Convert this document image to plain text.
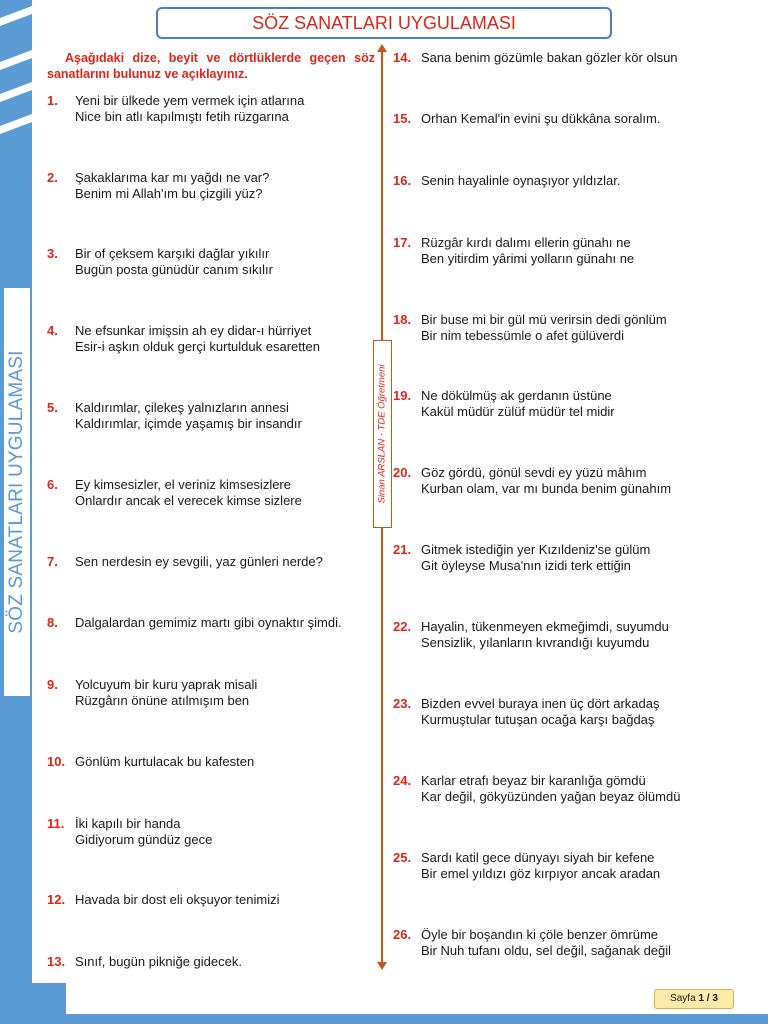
SÖZ SANATLARI UYGULAMASI
SÖZ SANATLARI UYGULAMASI
Aşağıdaki dize, beyit ve dörtlüklerde geçen söz sanatlarını bulunuz ve açıklayınız.
Sinan ARSLAN - TDE Öğretmeni
1. Yeni bir ülkede yem vermek için atlarına
Nice bin atlı kapılmıştı fetih rüzgarına
2. Şakaklarıma kar mı yağdı ne var?
Benim mi Allah'ım bu çizgili yüz?
3. Bir of çeksem karşıki dağlar yıkılır
Bugün posta günüdür canım sıkılır
4. Ne efsunkar imişsin ah ey didar-ı hürriyet
Esir-i aşkın olduk gerçi kurtulduk esaretten
5. Kaldırımlar, çilekeş yalnızların annesi
Kaldırımlar, içimde yaşamış bir insandır
6. Ey kimsesizler, el veriniz kimsesizlere
Onlardır ancak el verecek kimse sizlere
7. Sen nerdesin ey sevgili, yaz günleri nerde?
8. Dalgalardan gemimiz martı gibi oynaktır şimdi.
9. Yolcuyum bir kuru yaprak misali
Rüzgârın önüne atılmışım ben
10. Gönlüm kurtulacak bu kafesten
11. İki kapılı bir handa
Gidiyorum gündüz gece
12. Havada bir dost eli okşuyor tenimizi
13. Sınıf, bugün pikniğe gidecek.
14. Sana benim gözümle bakan gözler kör olsun
15. Orhan Kemal'in evini şu dükkâna soralım.
16. Senin hayalinle oynaşıyor yıldızlar.
17. Rüzgâr kırdı dalımı ellerin günahı ne
Ben yitirdim yârimi yolların günahı ne
18. Bir buse mi bir gül mü verirsin dedi gönlüm
Bir nim tebessümle o afet gülüverdi
19. Ne dökülmüş ak gerdanın üstüne
Kakül müdür zülüf müdür tel midir
20. Göz gördü, gönül sevdi ey yüzü mâhım
Kurban olam, var mı bunda benim günahım
21. Gitmek istediğin yer Kızıldeniz'se gülüm
Git öyleyse Musa'nın izidi terk ettiğin
22. Hayalin, tükenmeyen ekmeğimdi, suyumdu
Sensizlik, yılanların kıvrandığı kuyumdu
23. Bizden evvel buraya inen üç dört arkadaş
Kurmuştular tutuşan ocağa karşı bağdaş
24. Karlar etrafı beyaz bir karanlığa gömdü
Kar değil, gökyüzünden yağan beyaz ölümdü
25. Sardı katil gece dünyayı siyah bir kefene
Bir emel yıldızı göz kırpıyor ancak aradan
26. Öyle bir boşandın ki çöle benzer ömrüme
Bir Nuh tufanı oldu, sel değil, sağanak değil
Sayfa 1 / 3
